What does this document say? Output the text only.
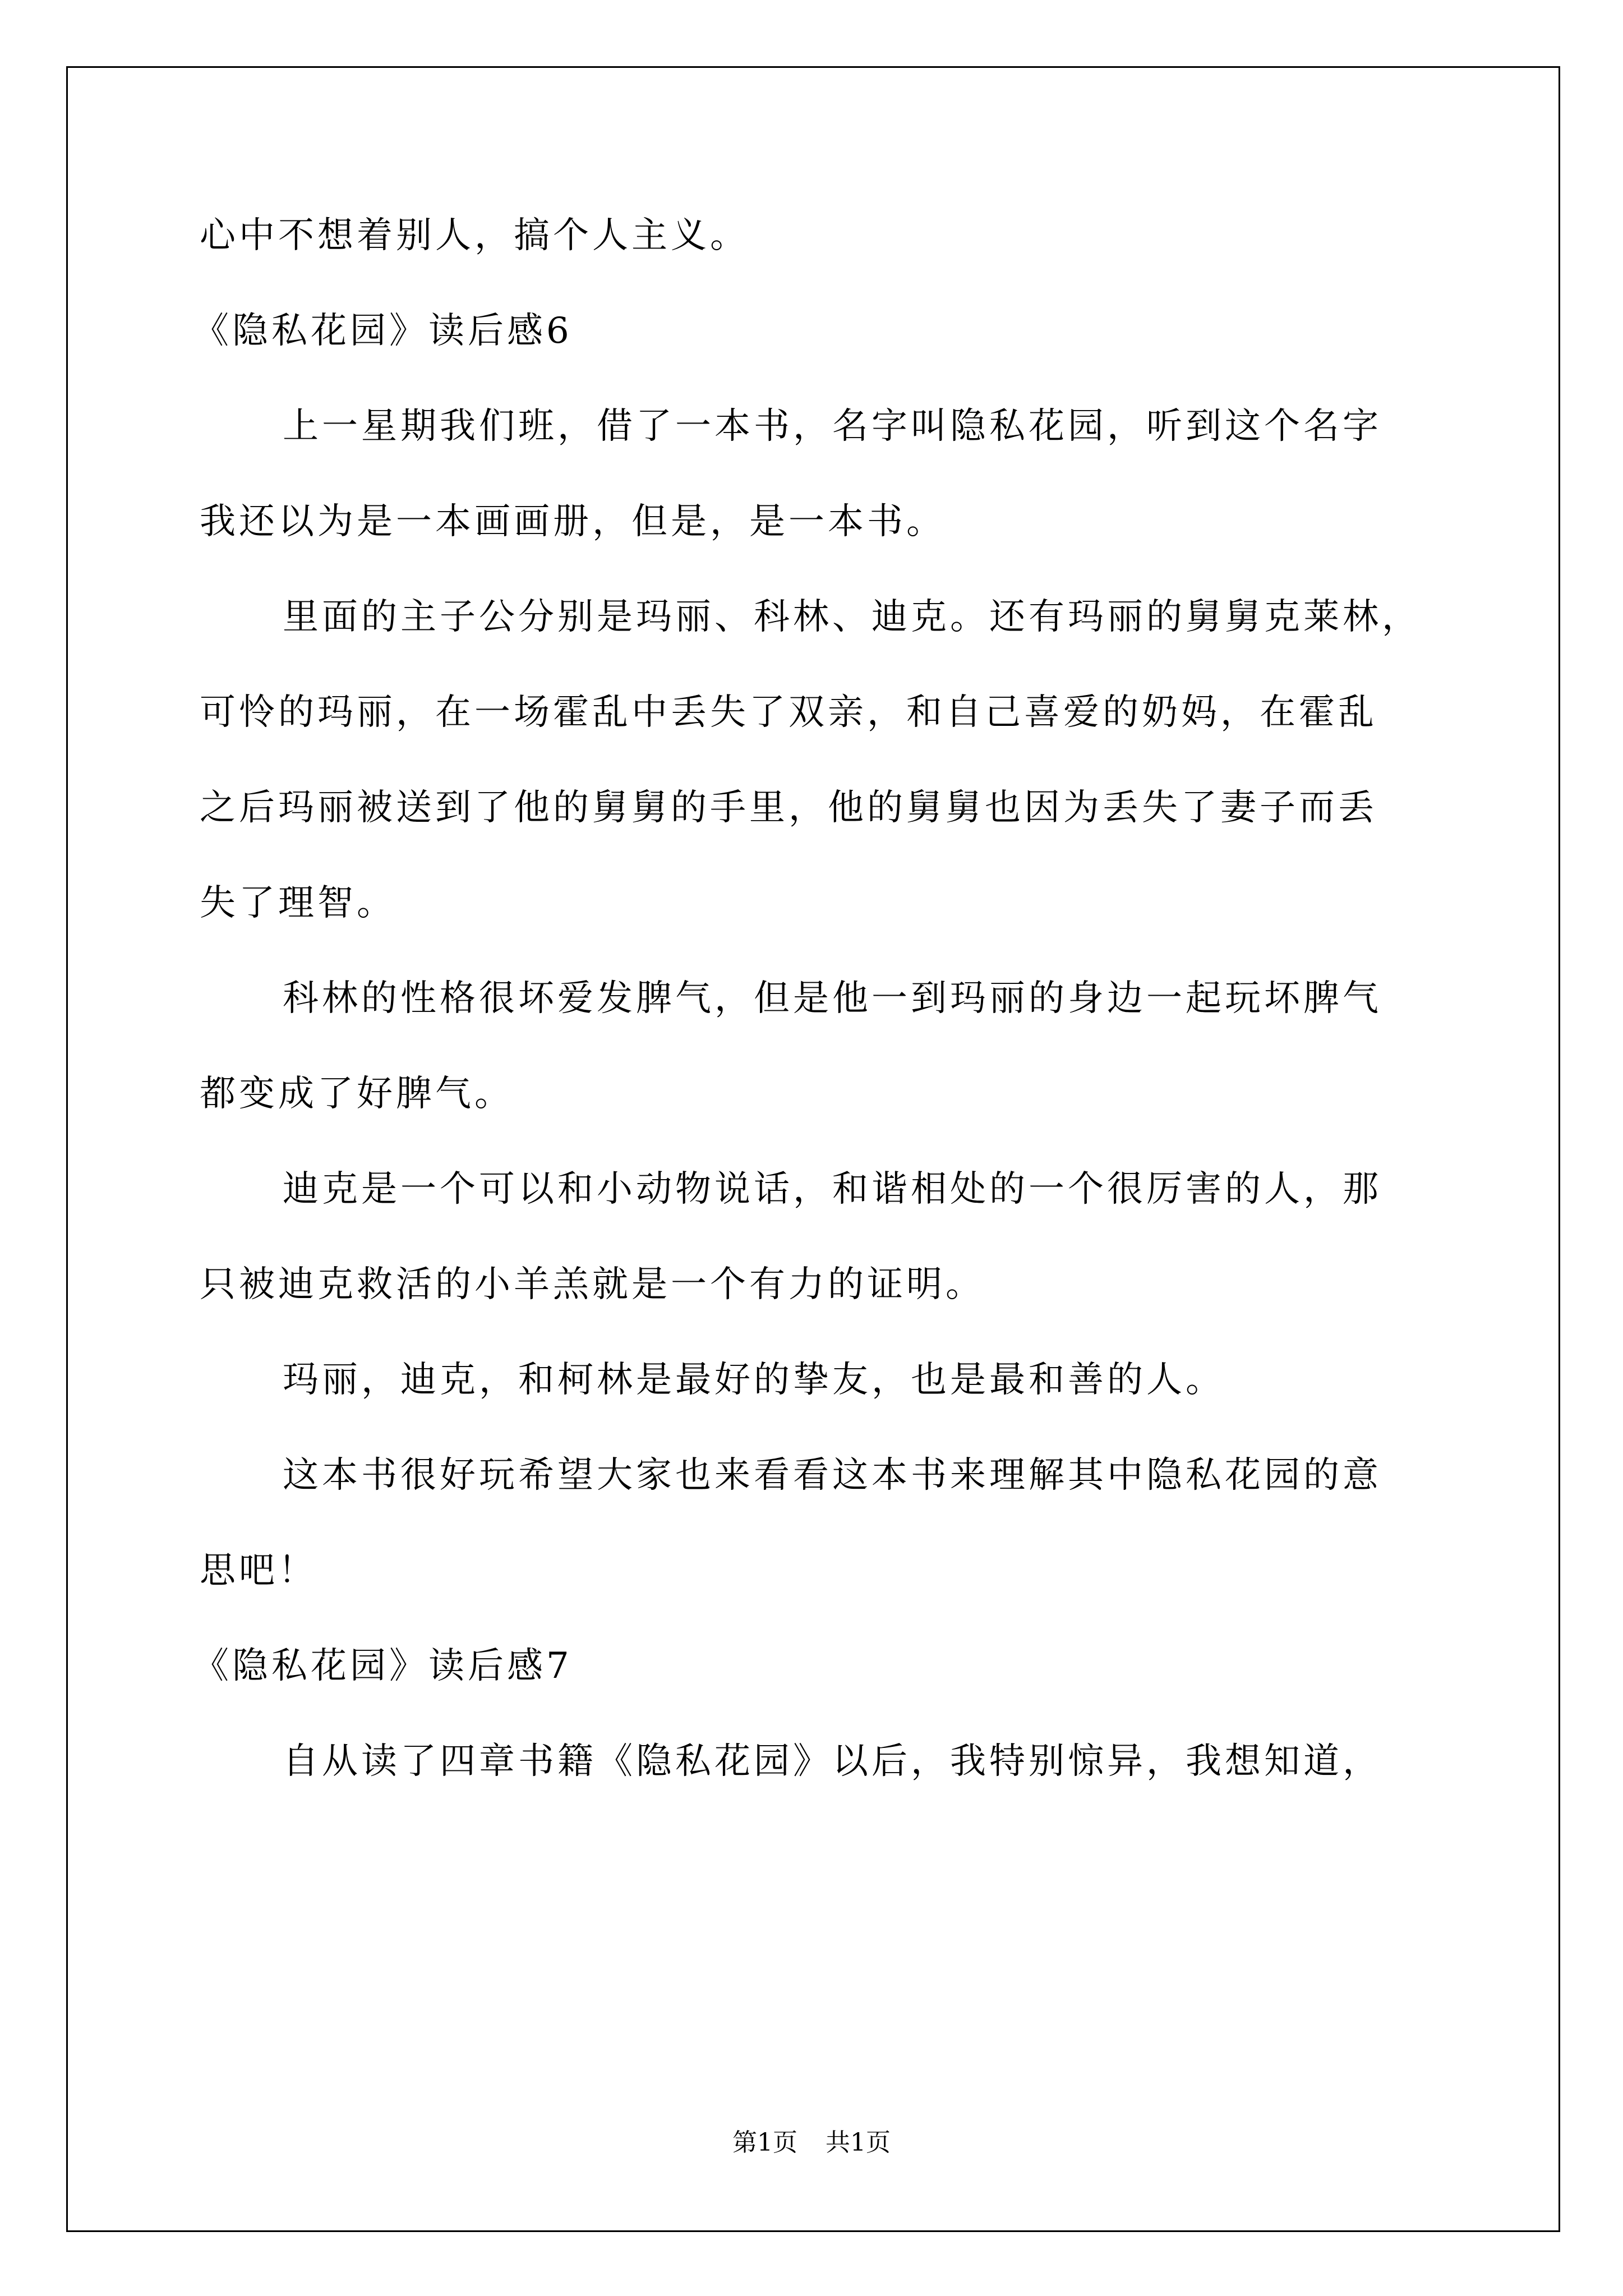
心中不想着别人，搞个人主义。
《隐私花园》读后感6
上一星期我们班，借了一本书，名字叫隐私花园，听到这个名字
我还以为是一本画画册，但是，是一本书。
里面的主子公分别是玛丽、科林、迪克。还有玛丽的舅舅克莱林，
可怜的玛丽，在一场霍乱中丢失了双亲，和自己喜爱的奶妈，在霍乱
之后玛丽被送到了他的舅舅的手里，他的舅舅也因为丢失了妻子而丢
失了理智。
科林的性格很坏爱发脾气，但是他一到玛丽的身边一起玩坏脾气
都变成了好脾气。
迪克是一个可以和小动物说话，和谐相处的一个很厉害的人，那
只被迪克救活的小羊羔就是一个有力的证明。
玛丽，迪克，和柯林是最好的挚友，也是最和善的人。
这本书很好玩希望大家也来看看这本书来理解其中隐私花园的意
思吧！
《隐私花园》读后感7
自从读了四章书籍《隐私花园》以后，我特别惊异，我想知道，
第1页 共1页
